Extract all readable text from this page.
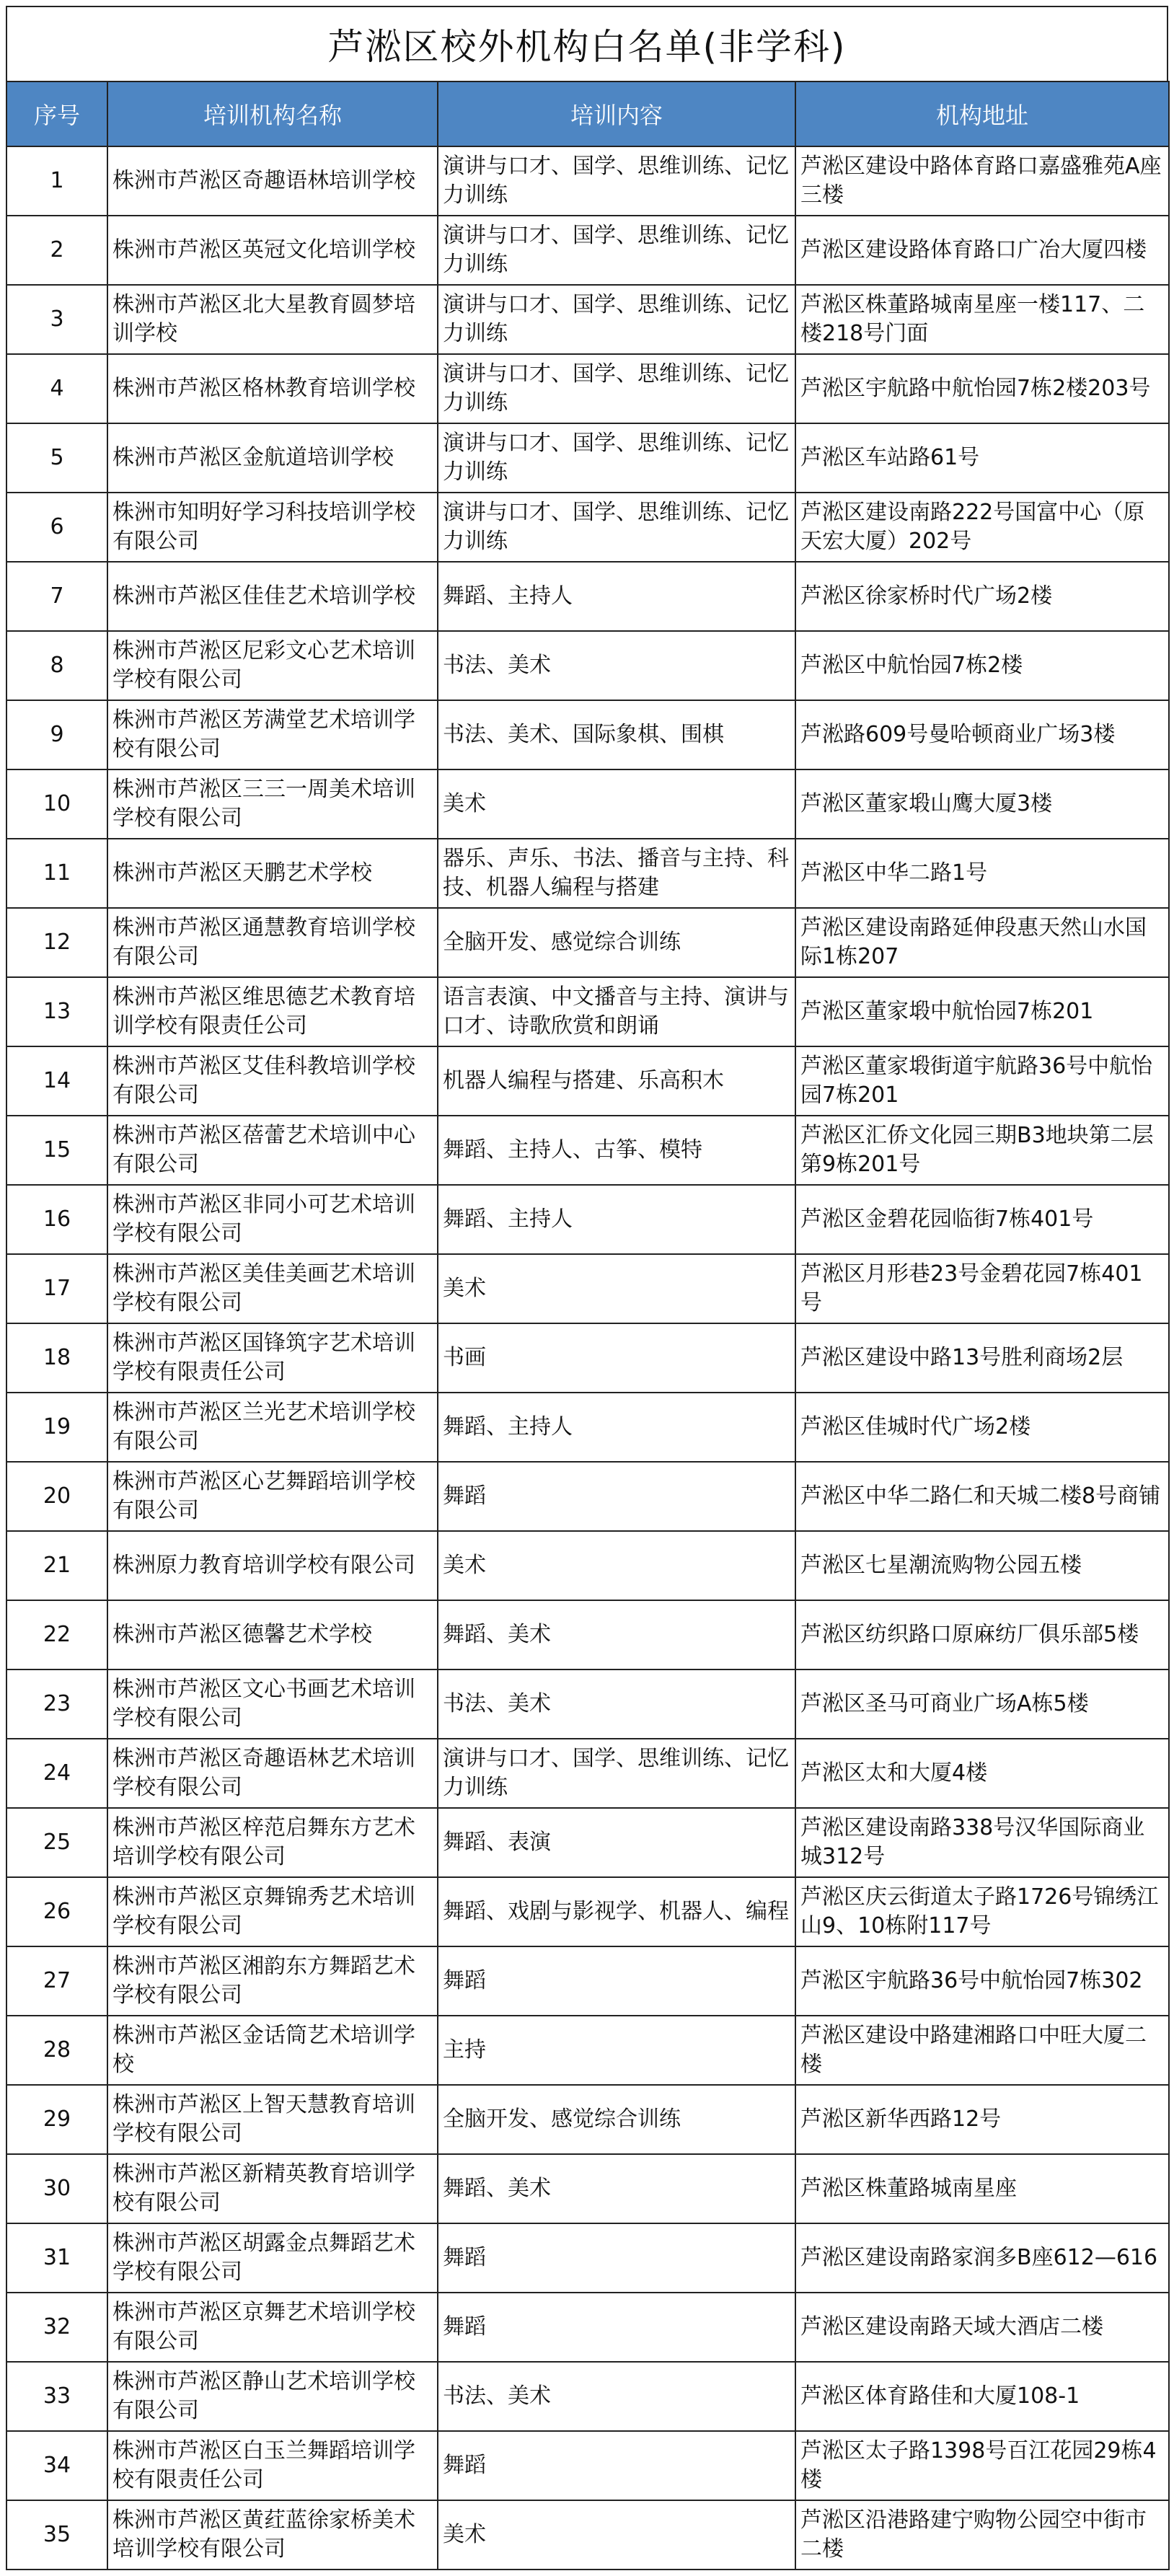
芦淞区校外机构白名单(非学科)
序号	培训机构名称	培训内容	机构地址
1	株洲市芦淞区奇趣语林培训学校	演讲与口才、国学、思维训练、记忆力训练	芦淞区建设中路体育路口嘉盛雅苑A座三楼
2	株洲市芦淞区英冠文化培训学校	演讲与口才、国学、思维训练、记忆力训练	芦淞区建设路体育路口广冶大厦四楼
3	株洲市芦淞区北大星教育圆梦培训学校	演讲与口才、国学、思维训练、记忆力训练	芦淞区株董路城南星座一楼117、二楼218号门面
4	株洲市芦淞区格林教育培训学校	演讲与口才、国学、思维训练、记忆力训练	芦淞区宇航路中航怡园7栋2楼203号
5	株洲市芦淞区金航道培训学校	演讲与口才、国学、思维训练、记忆力训练	芦淞区车站路61号
6	株洲市知明好学习科技培训学校有限公司	演讲与口才、国学、思维训练、记忆力训练	芦淞区建设南路222号国富中心（原天宏大厦）202号
7	株洲市芦淞区佳佳艺术培训学校	舞蹈、主持人	芦淞区徐家桥时代广场2楼
8	株洲市芦淞区尼彩文心艺术培训学校有限公司	书法、美术	芦淞区中航怡园7栋2楼
9	株洲市芦淞区芳满堂艺术培训学校有限公司	书法、美术、国际象棋、围棋	芦淞路609号曼哈顿商业广场3楼
10	株洲市芦淞区三三一周美术培训学校有限公司	美术	芦淞区董家塅山鹰大厦3楼
11	株洲市芦淞区天鹏艺术学校	器乐、声乐、书法、播音与主持、科技、机器人编程与搭建	芦淞区中华二路1号
12	株洲市芦淞区通慧教育培训学校有限公司	全脑开发、感觉综合训练	芦淞区建设南路延伸段惠天然山水国际1栋207
13	株洲市芦淞区维思德艺术教育培训学校有限责任公司	语言表演、中文播音与主持、演讲与口才、诗歌欣赏和朗诵	芦淞区董家塅中航怡园7栋201
14	株洲市芦淞区艾佳科教培训学校有限公司	机器人编程与搭建、乐高积木	芦淞区董家塅街道宇航路36号中航怡园7栋201
15	株洲市芦淞区蓓蕾艺术培训中心有限公司	舞蹈、主持人、古筝、模特	芦淞区汇侨文化园三期B3地块第二层第9栋201号
16	株洲市芦淞区非同小可艺术培训学校有限公司	舞蹈、主持人	芦淞区金碧花园临街7栋401号
17	株洲市芦淞区美佳美画艺术培训学校有限公司	美术	芦淞区月形巷23号金碧花园7栋401号
18	株洲市芦淞区国锋筑字艺术培训学校有限责任公司	书画	芦淞区建设中路13号胜利商场2层
19	株洲市芦淞区兰光艺术培训学校有限公司	舞蹈、主持人	芦淞区佳城时代广场2楼
20	株洲市芦淞区心艺舞蹈培训学校有限公司	舞蹈	芦淞区中华二路仁和天城二楼8号商铺
21	株洲原力教育培训学校有限公司	美术	芦淞区七星潮流购物公园五楼
22	株洲市芦淞区德馨艺术学校	舞蹈、美术	芦淞区纺织路口原麻纺厂俱乐部5楼
23	株洲市芦淞区文心书画艺术培训学校有限公司	书法、美术	芦淞区圣马可商业广场A栋5楼
24	株洲市芦淞区奇趣语林艺术培训学校有限公司	演讲与口才、国学、思维训练、记忆力训练	芦淞区太和大厦4楼
25	株洲市芦淞区梓范启舞东方艺术培训学校有限公司	舞蹈、表演	芦淞区建设南路338号汉华国际商业城312号
26	株洲市芦淞区京舞锦秀艺术培训学校有限公司	舞蹈、戏剧与影视学、机器人、编程	芦淞区庆云街道太子路1726号锦绣江山9、10栋附117号
27	株洲市芦淞区湘韵东方舞蹈艺术学校有限公司	舞蹈	芦淞区宇航路36号中航怡园7栋302
28	株洲市芦淞区金话筒艺术培训学校	主持	芦淞区建设中路建湘路口中旺大厦二楼
29	株洲市芦淞区上智天慧教育培训学校有限公司	全脑开发、感觉综合训练	芦淞区新华西路12号
30	株洲市芦淞区新精英教育培训学校有限公司	舞蹈、美术	芦淞区株董路城南星座
31	株洲市芦淞区胡露金点舞蹈艺术学校有限公司	舞蹈	芦淞区建设南路家润多B座612—616
32	株洲市芦淞区京舞艺术培训学校有限公司	舞蹈	芦淞区建设南路天域大酒店二楼
33	株洲市芦淞区静山艺术培训学校有限公司	书法、美术	芦淞区体育路佳和大厦108-1
34	株洲市芦淞区白玉兰舞蹈培训学校有限责任公司	舞蹈	芦淞区太子路1398号百江花园29栋4楼
35	株洲市芦淞区黄荭蓝徐家桥美术培训学校有限公司	美术	芦淞区沿港路建宁购物公园空中街市二楼
